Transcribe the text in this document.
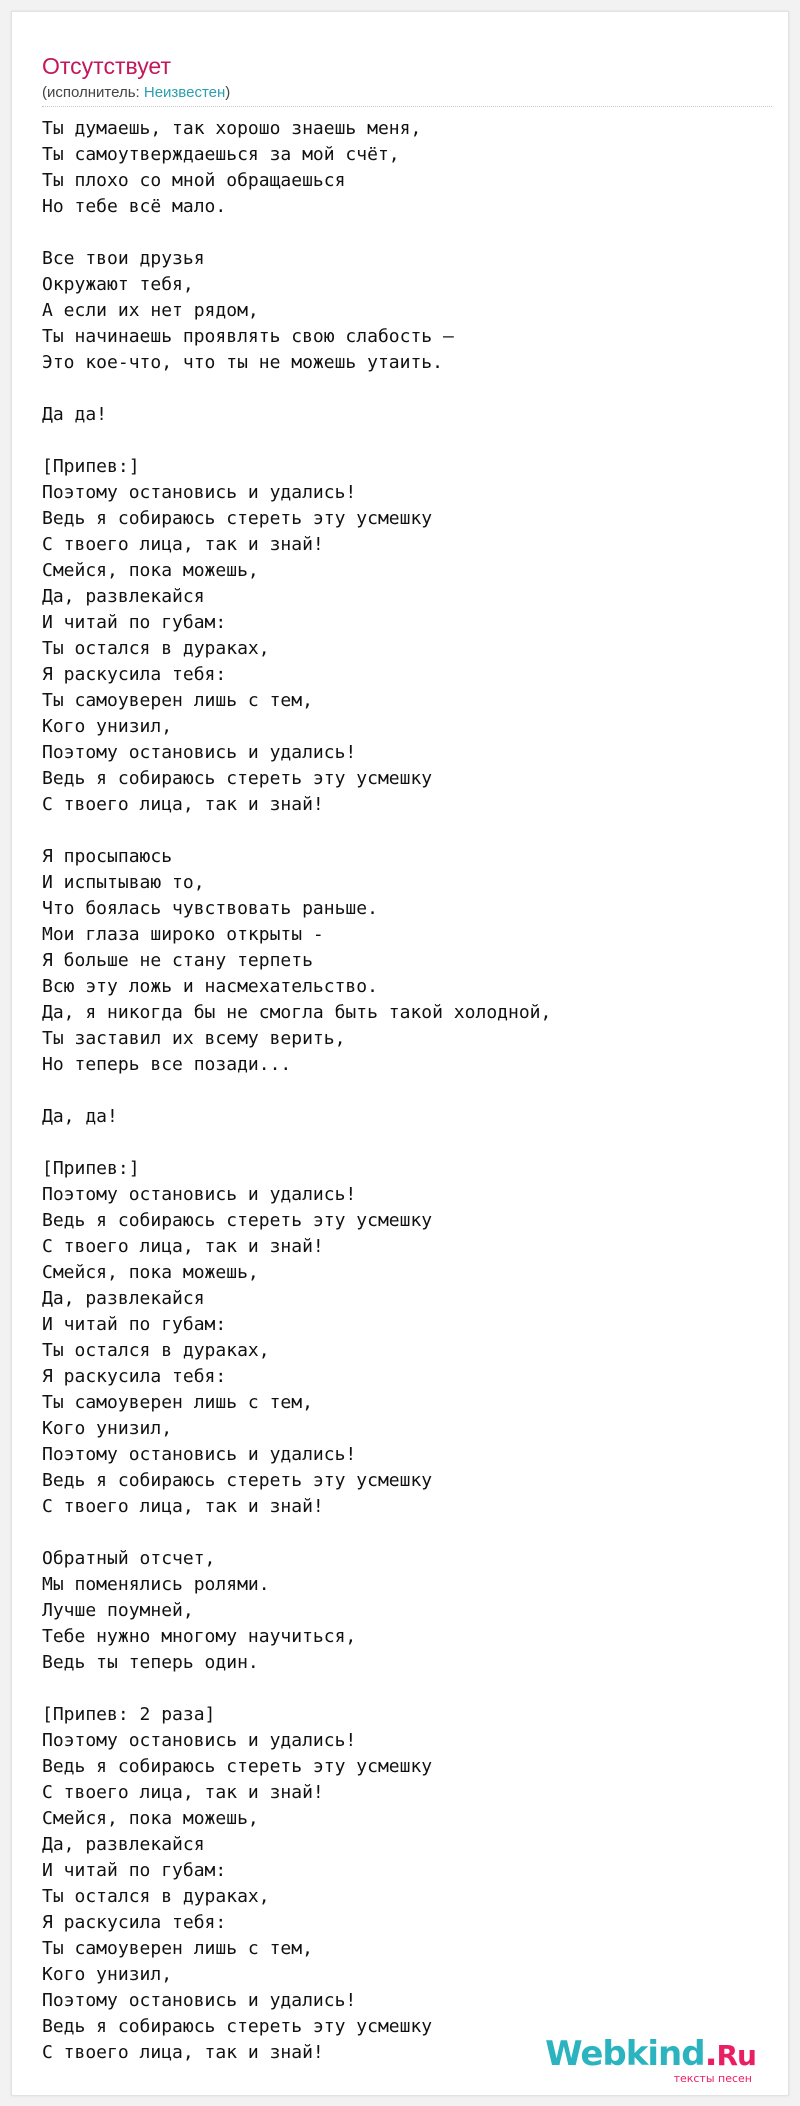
Отсутствует
(исполнитель: Неизвестен)
Ты думаешь, так хорошо знаешь меня,
Ты самоутверждаешься за мой счёт,
Ты плохо со мной обращаешься
Но тебе всё мало.

Все твои друзья
Окружают тебя,
А если их нет рядом,
Ты начинаешь проявлять свою слабость –
Это кое-что, что ты не можешь утаить.

Да да!

[Припев:]
Поэтому остановись и удались!
Ведь я собираюсь стереть эту усмешку
С твоего лица, так и знай!
Смейся, пока можешь,
Да, развлекайся
И читай по губам:
Ты остался в дураках,
Я раскусила тебя:
Ты самоуверен лишь с тем,
Кого унизил,
Поэтому остановись и удались!
Ведь я собираюсь стереть эту усмешку
С твоего лица, так и знай!

Я просыпаюсь
И испытываю то,
Что боялась чувствовать раньше.
Мои глаза широко открыты -
Я больше не стану терпеть
Всю эту ложь и насмехательство.
Да, я никогда бы не смогла быть такой холодной,
Ты заставил их всему верить,
Но теперь все позади...

Да, да!

[Припев:]
Поэтому остановись и удались!
Ведь я собираюсь стереть эту усмешку
С твоего лица, так и знай!
Смейся, пока можешь,
Да, развлекайся
И читай по губам:
Ты остался в дураках,
Я раскусила тебя:
Ты самоуверен лишь с тем,
Кого унизил,
Поэтому остановись и удались!
Ведь я собираюсь стереть эту усмешку
С твоего лица, так и знай!

Обратный отсчет,
Мы поменялись ролями.
Лучше поумней,
Тебе нужно многому научиться,
Ведь ты теперь один.

[Припев: 2 раза]
Поэтому остановись и удались!
Ведь я собираюсь стереть эту усмешку
С твоего лица, так и знай!
Смейся, пока можешь,
Да, развлекайся
И читай по губам:
Ты остался в дураках,
Я раскусила тебя:
Ты самоуверен лишь с тем,
Кого унизил,
Поэтому остановись и удались!
Ведь я собираюсь стереть эту усмешку
С твоего лица, так и знай!	Webkind.Ru
тексты песен
